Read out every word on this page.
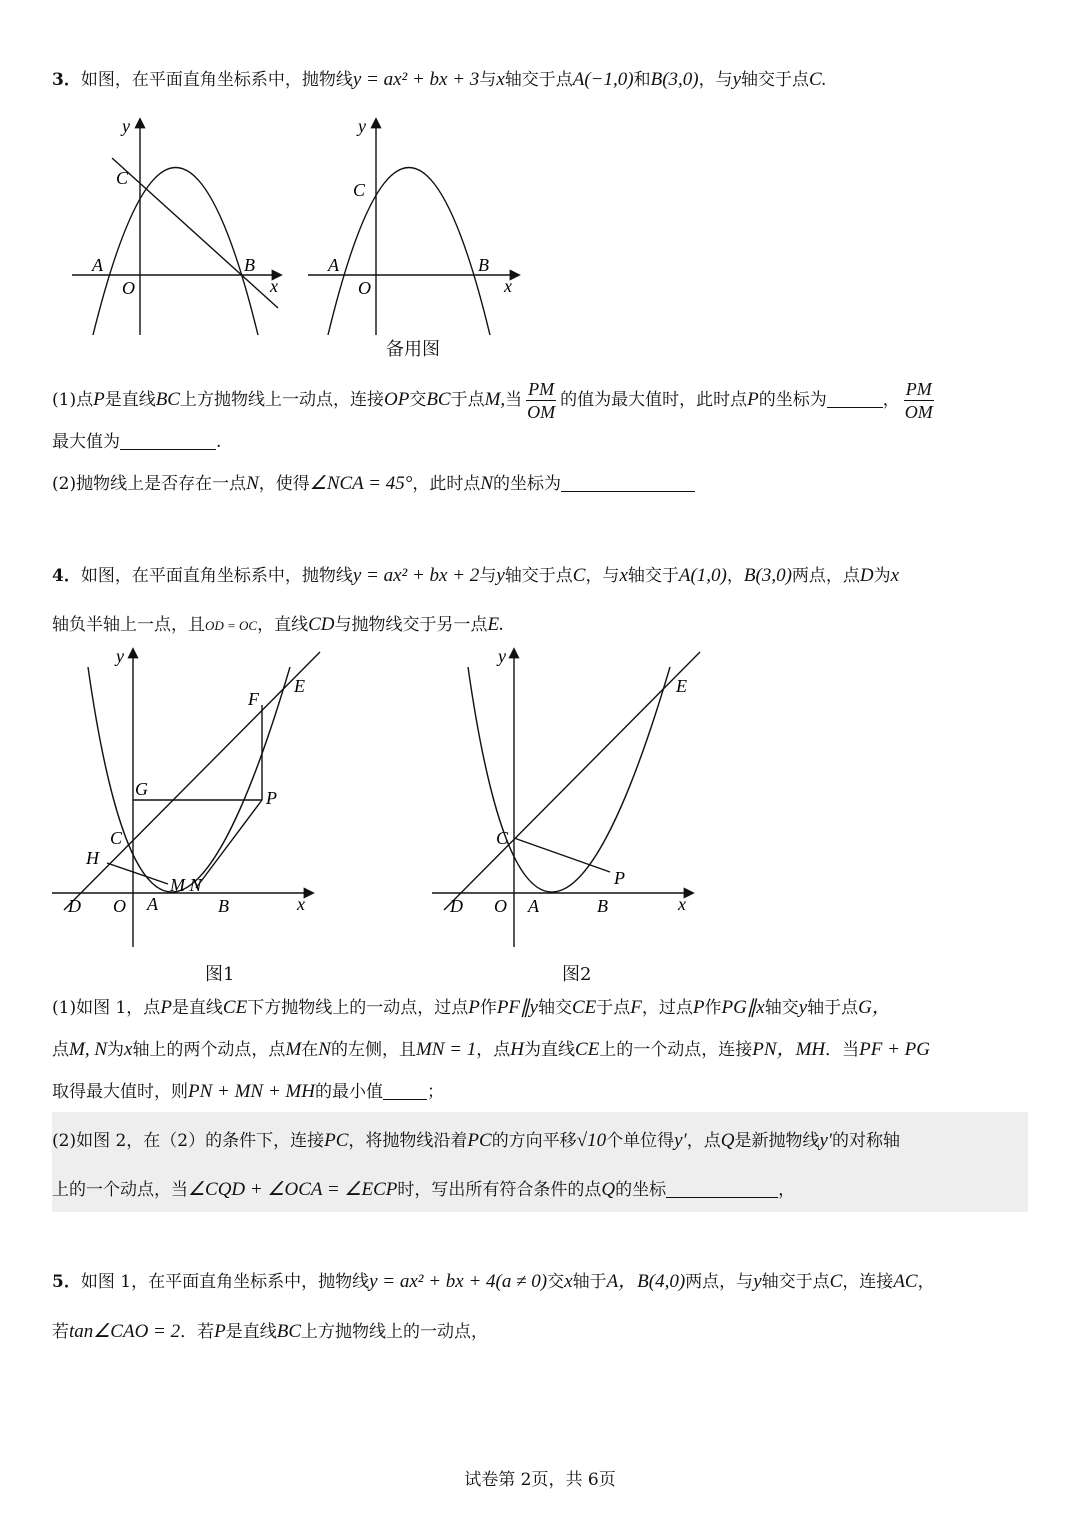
3．如图，在平面直角坐标系中，抛物线y = ax² + bx + 3与x轴交于点A(−1,0)和B(3,0)，与y轴交于点C.
C
A	B
O
y
x
C
A	B
O
y
x
备用图
(1)点P是直线BC上方抛物线上一动点，连接OP交BC于点M,当 $\frac{PM}{OM}$ 的值为最大值时，此时点P的坐标为	， $\frac{PM}{OM}$
最大值为	.
(2)抛物线上是否存在一点N，使得∠NCA = 45°，此时点N的坐标为
4．如图，在平面直角坐标系中，抛物线y = ax² + bx + 2与y轴交于点C，与x轴交于A(1,0)，B(3,0)两点，点D为x
轴负半轴上一点，且OD = OC，直线CD与抛物线交于另一点E.
E
F
G	P
C
H
M N
D O A	B
y
x
E
C
P
D O A	B
y
x
图1	图2
(1)如图 1，点P是直线CE下方抛物线上的一动点，过点P作PF∥y轴交CE于点F，过点P作PG∥x轴交y轴于点G，
点M, N为x轴上的两个动点，点M在N的左侧，且MN = 1，点H为直线CE上的一个动点，连接PN，MH．当PF + PG
取得最大值时，则PN + MN + MH的最小值	；
(2)如图 2，在（2）的条件下，连接PC，将抛物线沿着PC的方向平移√10个单位得y′，点Q是新抛物线y′的对称轴
上的一个动点，当∠CQD + ∠OCA = ∠ECP时，写出所有符合条件的点Q的坐标	，
5．如图 1，在平面直角坐标系中，抛物线y = ax² + bx + 4(a ≠ 0)交x轴于A，B(4,0)两点，与y轴交于点C，连接AC，
若tan∠CAO = 2．若P是直线BC上方抛物线上的一动点，
试卷第 2页，共 6页
